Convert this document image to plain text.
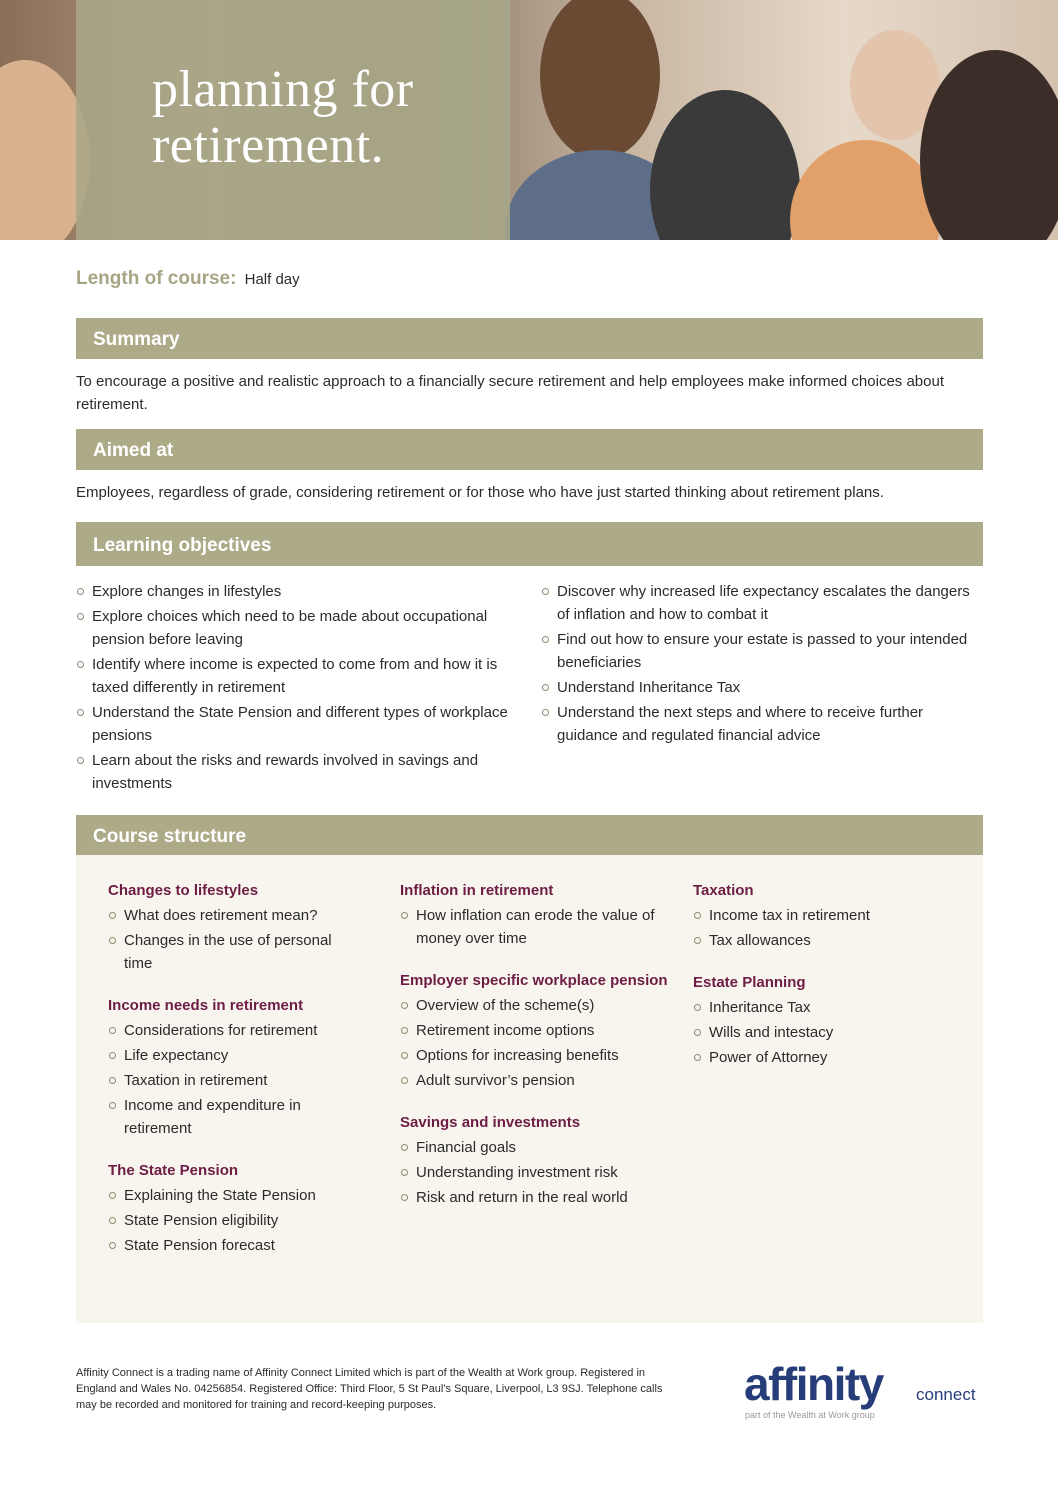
planning for
retirement.
Length of course: Half day
Summary
To encourage a positive and realistic approach to a financially secure retirement and help employees make informed choices about retirement.
Aimed at
Employees, regardless of grade, considering retirement or for those who have just started thinking about retirement plans.
Learning objectives
Explore changes in lifestyles
Explore choices which need to be made about occupational pension before leaving
Identify where income is expected to come from and how it is taxed differently in retirement
Understand the State Pension and different types of workplace pensions
Learn about the risks and rewards involved in savings and investments
Discover why increased life expectancy escalates the dangers of inflation and how to combat it
Find out how to ensure your estate is passed to your intended beneficiaries
Understand Inheritance Tax
Understand the next steps and where to receive further guidance and regulated financial advice
Course structure
Changes to lifestyles
What does retirement mean?
Changes in the use of personal time
Income needs in retirement
Considerations for retirement
Life expectancy
Taxation in retirement
Income and expenditure in retirement
The State Pension
Explaining the State Pension
State Pension eligibility
State Pension forecast
Inflation in retirement
How inflation can erode the value of money over time
Employer specific workplace pension
Overview of the scheme(s)
Retirement income options
Options for increasing benefits
Adult survivor’s pension
Savings and investments
Financial goals
Understanding investment risk
Risk and return in the real world
Taxation
Income tax in retirement
Tax allowances
Estate Planning
Inheritance Tax
Wills and intestacy
Power of Attorney
Affinity Connect is a trading name of Affinity Connect Limited which is part of the Wealth at Work group. Registered in England and Wales No. 04256854. Registered Office: Third Floor, 5 St Paul’s Square, Liverpool, L3 9SJ. Telephone calls may be recorded and monitored for training and record-keeping purposes.	affinity connect
part of the Wealth at Work group
